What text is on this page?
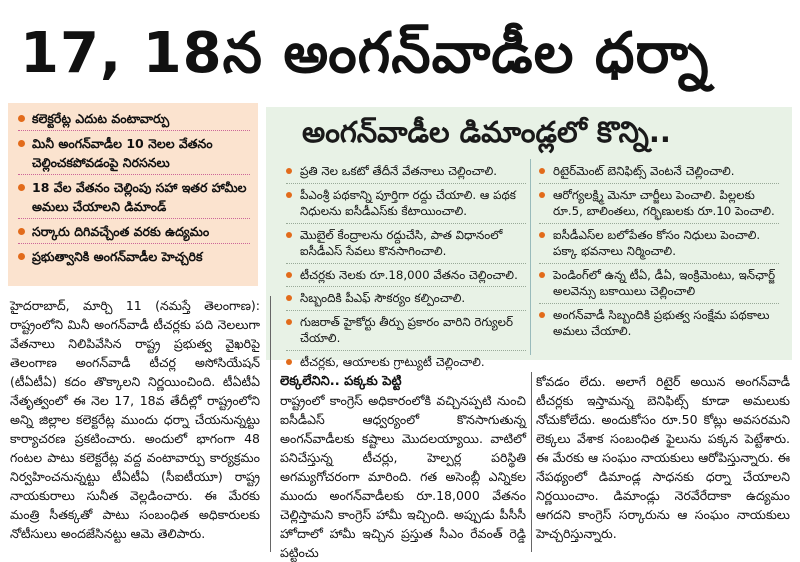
17, 18న అంగన్‌వాడీల ధర్నా
కలెక్టరేట్ల ఎదుట వంటావార్పు
మినీ అంగన్‌వాడీల 10 నెలల వేతనం చెల్లించకపోవడంపై నిరసనలు
18 వేల వేతనం చెల్లింపు సహా ఇతర హామీల అమలు చేయాలని డిమాండ్
సర్కారు దిగివచ్చేంత వరకు ఉద్యమం
ప్రభుత్వానికి అంగన్‌వాడీల హెచ్చరిక
అంగన్‌వాడీల డిమాండ్లలో కొన్ని..
ప్రతి నెల ఒకటో తేదీనే వేతనాలు చెల్లించాలి.
పీఎంశ్రీ పథకాన్ని పూర్తిగా రద్దు చేయాలి. ఆ పథక నిధులను ఐసీడీఎస్‌కు కేటాయించాలి.
మొబైల్ కేంద్రాలను రద్దుచేసి, పాత విధానంలో ఐసీడీఎస్ సేవలు కొనసాగించాలి.
టీచర్లకు నెలకు రూ.18,000 వేతనం చెల్లించాలి.
సిబ్బందికి పీఎఫ్ సౌకర్యం కల్పించాలి.
గుజరాత్ హైకోర్టు తీర్పు ప్రకారం వారిని రెగ్యులర్ చేయాలి.
టీచర్లకు, ఆయాలకు గ్రాట్యుటీ చెల్లించాలి.
రిటైర్‌మెంట్ బెనిఫిట్స్ వెంటనే చెల్లించాలి.
ఆరోగ్యలక్ష్మి మెనూ చార్జీలు పెంచాలి. పిల్లలకు రూ.5, బాలింతలు, గర్భిణులకు రూ.10 పెంచాలి.
ఐసీడీఎస్‌ల బలోపేతం కోసం నిధులు పెంచాలి. పక్కా భవనాలు నిర్మించాలి.
పెండింగ్‌లో ఉన్న టీఏ, డీఏ, ఇంక్రిమెంటు, ఇన్‌ఛార్జ్ అలవెన్సు బకాయిలు చెల్లించాలి
అంగన్‌వాడీ సిబ్బందికి ప్రభుత్వ సంక్షేమ పథకాలు అమలు చేయాలి.
హైదరాబాద్, మార్చి 11 (నమస్తే తెలంగాణ): రాష్ట్రంలోని మినీ అంగన్‌వాడీ టీచర్లకు పది నెలలుగా వేతనాలు నిలిపివేసిన రాష్ట్ర ప్రభుత్వ వైఖరిపై తెలంగాణ అంగన్‌వాడీ టీచర్ల అసోసియేషన్ (టీఏటీఏ) కదం తొక్కాలని నిర్ణయించింది. టీఏటీఏ నేతృత్వంలో ఈ నెల 17, 18వ తేదీల్లో రాష్ట్రంలోని అన్ని జిల్లాల కలెక్టరేట్ల ముందు ధర్నా చేయనున్నట్టు కార్యాచరణ ప్రకటించారు. అందులో భాగంగా 48 గంటల పాటు కలెక్టరేట్ల వద్ద వంటావార్పు కార్యక్రమం నిర్వహించనున్నట్టు టీఏటీఏ (సీఐటీయూ) రాష్ట్ర నాయకురాలు సునీత వెల్లడించారు. ఈ మేరకు మంత్రి సీతక్కతో పాటు సంబంధిత అధికారులకు నోటీసులు అందజేసినట్టు ఆమె తెలిపారు.
లెక్కలేనిని.. పక్కకు పెట్టి
రాష్ట్రంలో కాంగ్రెస్ అధికారంలోకి వచ్చినప్పటి నుంచి ఐసీడీఎస్ ఆధ్వర్యంలో కొనసాగుతున్న అంగన్‌వాడీలకు కష్టాలు మొదలయ్యాయి. వాటిలో పనిచేస్తున్న టీచర్లు, హెల్పర్ల పరిస్థితి అగమ్యగోచరంగా మారింది. గత అసెంబ్లీ ఎన్నికల ముందు అంగన్‌వాడీలకు రూ.18,000 వేతనం చెల్లిస్తామని కాంగ్రెస్ హామీ ఇచ్చింది. అప్పుడు పీసీసీ హోదాలో హామీ ఇచ్చిన ప్రస్తుత సీఎం రేవంత్ రెడ్డి పట్టించు
కోవడం లేదు. అలాగే రిటైర్ అయిన అంగన్‌వాడీ టీచర్లకు ఇస్తామన్న బెనిఫిట్స్ కూడా అమలుకు నోచుకోలేదు. అందుకోసం రూ.50 కోట్లు అవసరమని లెక్కలు వేశాక సంబంధిత ఫైలును పక్కన పెట్టేశారు. ఈ మేరకు ఆ సంఘం నాయకులు ఆరోపిస్తున్నారు. ఈ నేపథ్యంలో డిమాండ్ల సాధనకు ధర్నా చేయాలని నిర్ణయించాం. డిమాండ్లు నెరవేరేదాకా ఉద్యమం ఆగదని కాంగ్రెస్ సర్కారును ఆ సంఘం నాయకులు హెచ్చరిస్తున్నారు.
